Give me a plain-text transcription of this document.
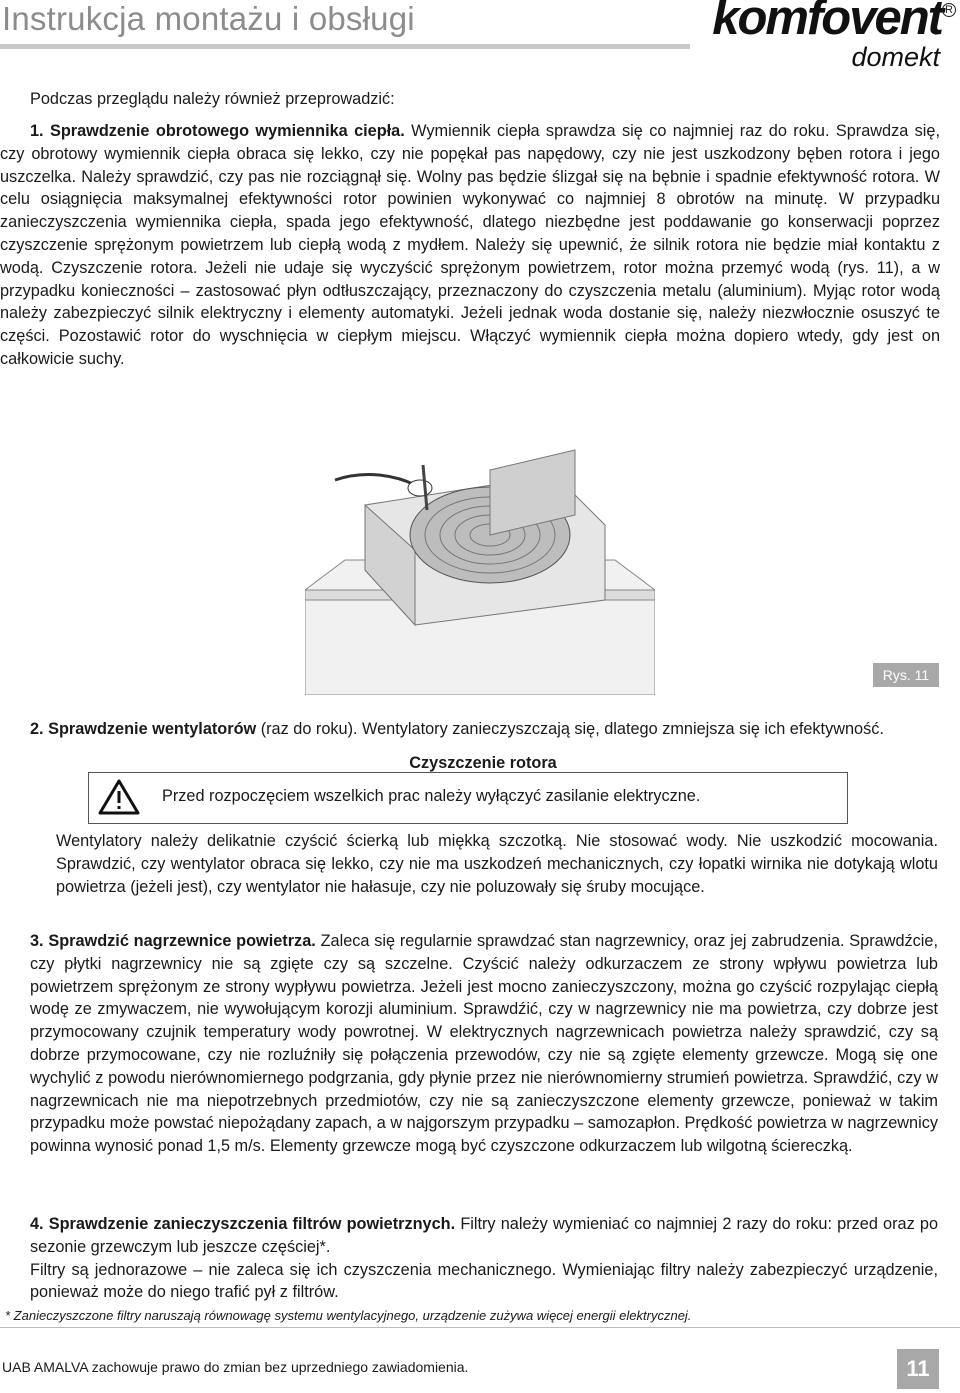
Instrukcja montażu i obsługi	komfovent R
domekt
Podczas przeglądu należy również przeprowadzić:
1. Sprawdzenie obrotowego wymiennika ciepła. Wymiennik ciepła sprawdza się co najmniej raz do roku. Sprawdza się, czy obrotowy wymiennik ciepła obraca się lekko, czy nie popękał pas napędowy, czy nie jest uszkodzony bęben rotora i jego uszczelka. Należy sprawdzić, czy pas nie rozciągnął się. Wolny pas będzie ślizgał się na bębnie i spadnie efektywność rotora. W celu osiągnięcia maksymalnej efektywności rotor powinien wykonywać co najmniej 8 obrotów na minutę. W przypadku zanieczyszczenia wymiennika ciepła, spada jego efektywność, dlatego niezbędne jest poddawanie go konserwacji poprzez czyszczenie sprężonym powietrzem lub ciepłą wodą z mydłem. Należy się upewnić, że silnik rotora nie będzie miał kontaktu z wodą. Czyszczenie rotora. Jeżeli nie udaje się wyczyścić sprężonym powietrzem, rotor można przemyć wodą (rys. 11), a w przypadku konieczności – zastosować płyn odtłuszczający, przeznaczony do czyszczenia metalu (aluminium). Myjąc rotor wodą należy zabezpieczyć silnik elektryczny i elementy automatyki. Jeżeli jednak woda dostanie się, należy niezwłocznie osuszyć te części. Pozostawić rotor do wyschnięcia w ciepłym miejscu. Włączyć wymiennik ciepła można dopiero wtedy, gdy jest on całkowicie suchy.
Czyszczenie rotora
Rys. 11
2. Sprawdzenie wentylatorów (raz do roku). Wentylatory zanieczyszczają się, dlatego zmniejsza się ich efektywność.
Przed rozpoczęciem wszelkich prac należy wyłączyć zasilanie elektryczne.
Wentylatory należy delikatnie czyścić ścierką lub miękką szczotką. Nie stosować wody. Nie uszkodzić mocowania. Sprawdzić, czy wentylator obraca się lekko, czy nie ma uszkodzeń mechanicznych, czy łopatki wirnika nie dotykają wlotu powietrza (jeżeli jest), czy wentylator nie hałasuje, czy nie poluzowały się śruby mocujące.
3. Sprawdzić nagrzewnice powietrza. Zaleca się regularnie sprawdzać stan nagrzewnicy, oraz jej zabrudzenia. Sprawdźcie, czy płytki nagrzewnicy nie są zgięte czy są szczelne. Czyścić należy odkurzaczem ze strony wpływu powietrza lub powietrzem sprężonym ze strony wypływu powietrza. Jeżeli jest mocno zanieczyszczony, można go czyścić rozpylając ciepłą wodę ze zmywaczem, nie wywołującym korozji aluminium. Sprawdźić, czy w nagrzewnicy nie ma powietrza, czy dobrze jest przymocowany czujnik temperatury wody powrotnej. W elektrycznych nagrzewnicach powietrza należy sprawdzić, czy są dobrze przymocowane, czy nie rozluźniły się połączenia przewodów, czy nie są zgięte elementy grzewcze. Mogą się one wychylić z powodu nierównomiernego podgrzania, gdy płynie przez nie nierównomierny strumień powietrza. Sprawdźić, czy w nagrzewnicach nie ma niepotrzebnych przedmiotów, czy nie są zanieczyszczone elementy grzewcze, ponieważ w takim przypadku może powstać niepożądany zapach, a w najgorszym przypadku – samozapłon. Prędkość powietrza w nagrzewnicy powinna wynosić ponad 1,5 m/s. Elementy grzewcze mogą być czyszczone odkurzaczem lub wilgotną ściereczką.
4. Sprawdzenie zanieczyszczenia filtrów powietrznych. Filtry należy wymieniać co najmniej 2 razy do roku: przed oraz po sezonie grzewczym lub jeszcze częściej*.
Filtry są jednorazowe – nie zaleca się ich czyszczenia mechanicznego. Wymieniając filtry należy zabezpieczyć urządzenie, ponieważ może do niego trafić pył z filtrów.
* Zanieczyszczone filtry naruszają równowagę systemu wentylacyjnego, urządzenie zużywa więcej energii elektrycznej.
UAB AMALVA zachowuje prawo do zmian bez uprzedniego zawiadomienia.	11
